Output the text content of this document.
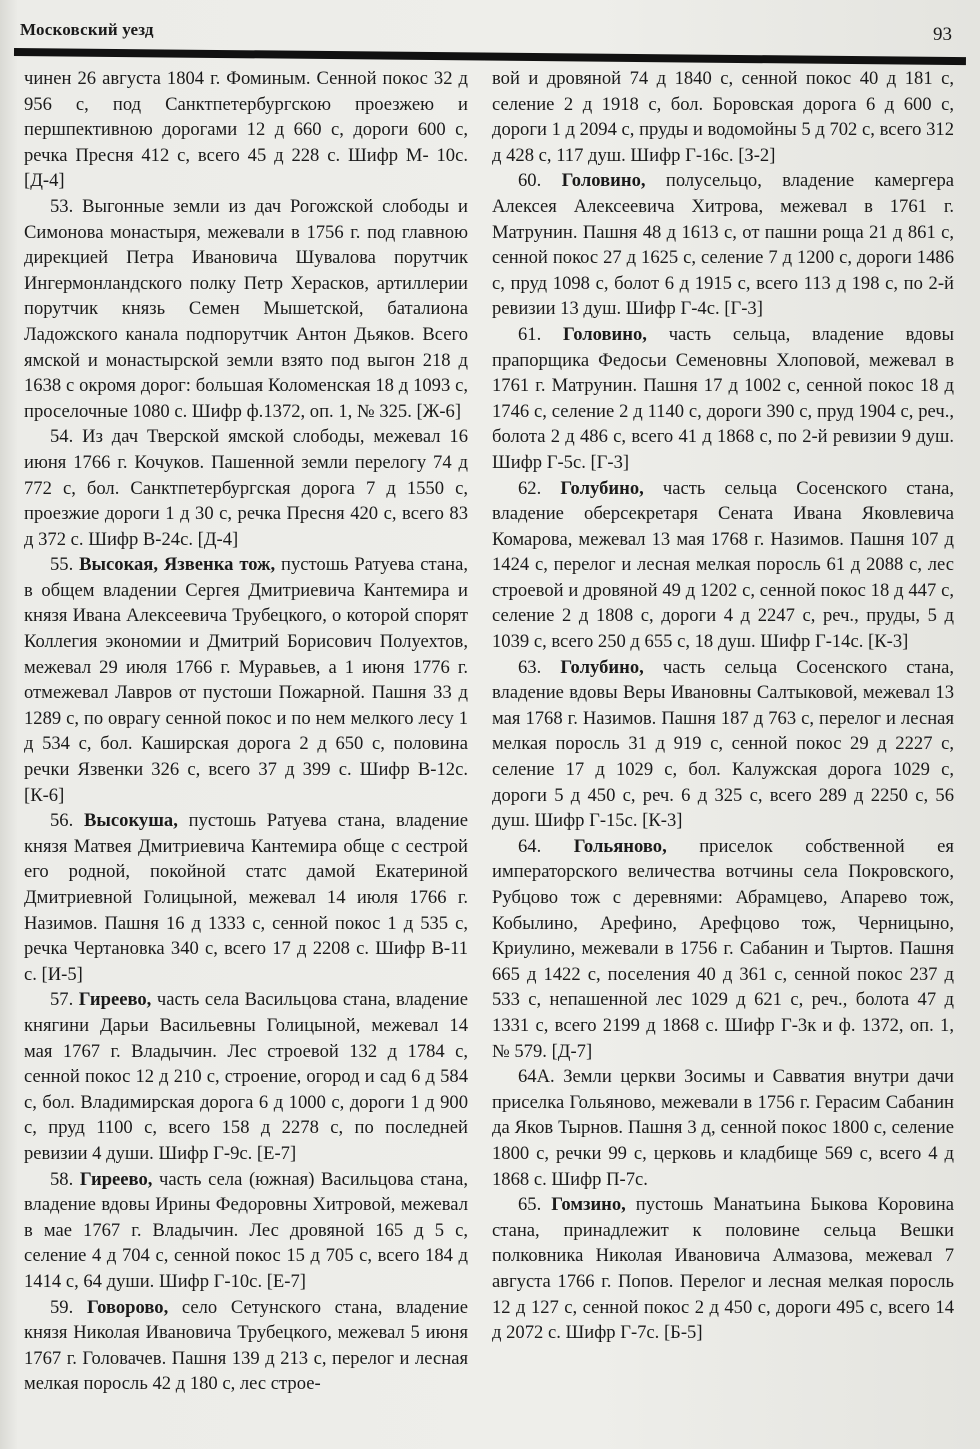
Московский уезд	93

чинен 26 августа 1804 г. Фоминым. Сенной покос 32 д 956 с, под Санктпетербургскою проезжею и першпективною дорогами 12 д 660 с, дороги 600 с, речка Пресня 412 с, всего 45 д 228 с. Шифр М- 10с. [Д-4]

53. Выгонные земли из дач Рогожской слободы и Симонова монастыря, межевали в 1756 г. под главною дирекцией Петра Ивановича Шувалова порутчик Ингермонландского полку Петр Херасков, артиллерии порутчик князь Семен Мышетской, баталиона Ладожского канала подпорутчик Антон Дьяков. Всего ямской и монастырской земли взято под выгон 218 д 1638 с окромя дорог: большая Коломенская 18 д 1093 с, проселочные 1080 с. Шифр ф.1372, оп. 1, № 325. [Ж-6]

54. Из дач Тверской ямской слободы, межевал 16 июня 1766 г. Кочуков. Пашенной земли перелогу 74 д 772 с, бол. Санктпетербургская дорога 7 д 1550 с, проезжие дороги 1 д 30 с, речка Пресня 420 с, всего 83 д 372 с. Шифр В-24с. [Д-4]

55. Высокая, Язвенка тож, пустошь Ратуева стана, в общем владении Сергея Дмитриевича Кантемира и князя Ивана Алексеевича Трубецкого, о которой спорят Коллегия экономии и Дмитрий Борисович Полуехтов, межевал 29 июля 1766 г. Муравьев, а 1 июня 1776 г. отмежевал Лавров от пустоши Пожарной. Пашня 33 д 1289 с, по оврагу сенной покос и по нем мелкого лесу 1 д 534 с, бол. Каширская дорога 2 д 650 с, половина речки Язвенки 326 с, всего 37 д 399 с. Шифр В-12с. [К-6]

56. Высокуша, пустошь Ратуева стана, владение князя Матвея Дмитриевича Кантемира обще с сестрой его родной, покойной статс дамой Екатериной Дмитриевной Голицыной, межевал 14 июля 1766 г. Назимов. Пашня 16 д 1333 с, сенной покос 1 д 535 с, речка Чертановка 340 с, всего 17 д 2208 с. Шифр В-11 с. [И-5]

57. Гиреево, часть села Васильцова стана, владение княгини Дарьи Васильевны Голицыной, межевал 14 мая 1767 г. Владычин. Лес строевой 132 д 1784 с, сенной покос 12 д 210 с, строение, огород и сад 6 д 584 с, бол. Владимирская дорога 6 д 1000 с, дороги 1 д 900 с, пруд 1100 с, всего 158 д 2278 с, по последней ревизии 4 души. Шифр Г-9с. [Е-7]

58. Гиреево, часть села (южная) Васильцова стана, владение вдовы Ирины Федоровны Хитровой, межевал в мае 1767 г. Владычин. Лес дровяной 165 д 5 с, селение 4 д 704 с, сенной покос 15 д 705 с, всего 184 д 1414 с, 64 души. Шифр Г-10с. [Е-7]

59. Говорово, село Сетунского стана, владение князя Николая Ивановича Трубецкого, межевал 5 июня 1767 г. Головачев. Пашня 139 д 213 с, перелог и лесная мелкая поросль 42 д 180 с, лес строе-

вой и дровяной 74 д 1840 с, сенной покос 40 д 181 с, селение 2 д 1918 с, бол. Боровская дорога 6 д 600 с, дороги 1 д 2094 с, пруды и водомойны 5 д 702 с, всего 312 д 428 с, 117 душ. Шифр Г-16с. [З-2]

60. Головино, полусельцо, владение камергера Алексея Алексеевича Хитрова, межевал в 1761 г. Матрунин. Пашня 48 д 1613 с, от пашни роща 21 д 861 с, сенной покос 27 д 1625 с, селение 7 д 1200 с, дороги 1486 с, пруд 1098 с, болот 6 д 1915 с, всего 113 д 198 с, по 2-й ревизии 13 душ. Шифр Г-4с. [Г-3]

61. Головино, часть сельца, владение вдовы прапорщика Федосьи Семеновны Хлоповой, межевал в 1761 г. Матрунин. Пашня 17 д 1002 с, сенной покос 18 д 1746 с, селение 2 д 1140 с, дороги 390 с, пруд 1904 с, реч., болота 2 д 486 с, всего 41 д 1868 с, по 2-й ревизии 9 душ. Шифр Г-5с. [Г-3]

62. Голубино, часть сельца Сосенского стана, владение оберсекретаря Сената Ивана Яковлевича Комарова, межевал 13 мая 1768 г. Назимов. Пашня 107 д 1424 с, перелог и лесная мелкая поросль 61 д 2088 с, лес строевой и дровяной 49 д 1202 с, сенной покос 18 д 447 с, селение 2 д 1808 с, дороги 4 д 2247 с, реч., пруды, 5 д 1039 с, всего 250 д 655 с, 18 душ. Шифр Г-14с. [К-3]

63. Голубино, часть сельца Сосенского стана, владение вдовы Веры Ивановны Салтыковой, межевал 13 мая 1768 г. Назимов. Пашня 187 д 763 с, перелог и лесная мелкая поросль 31 д 919 с, сенной покос 29 д 2227 с, селение 17 д 1029 с, бол. Калужская дорога 1029 с, дороги 5 д 450 с, реч. 6 д 325 с, всего 289 д 2250 с, 56 душ. Шифр Г-15с. [К-3]

64. Гольяново, приселок собственной ея императорского величества вотчины села Покровского, Рубцово тож с деревнями: Абрамцево, Апарево тож, Кобылино, Арефино, Арефцово тож, Черницыно, Криулино, межевали в 1756 г. Сабанин и Тыртов. Пашня 665 д 1422 с, поселения 40 д 361 с, сенной покос 237 д 533 с, непашенной лес 1029 д 621 с, реч., болота 47 д 1331 с, всего 2199 д 1868 с. Шифр Г-3к и ф. 1372, оп. 1, № 579. [Д-7]

64А. Земли церкви Зосимы и Савватия внутри дачи приселка Гольяново, межевали в 1756 г. Герасим Сабанин да Яков Тырнов. Пашня 3 д, сенной покос 1800 с, селение 1800 с, речки 99 с, церковь и кладбище 569 с, всего 4 д 1868 с. Шифр П-7с.

65. Гомзино, пустошь Манатьина Быкова Коровина стана, принадлежит к половине сельца Вешки полковника Николая Ивановича Алмазова, межевал 7 августа 1766 г. Попов. Перелог и лесная мелкая поросль 12 д 127 с, сенной покос 2 д 450 с, дороги 495 с, всего 14 д 2072 с. Шифр Г-7с. [Б-5]
